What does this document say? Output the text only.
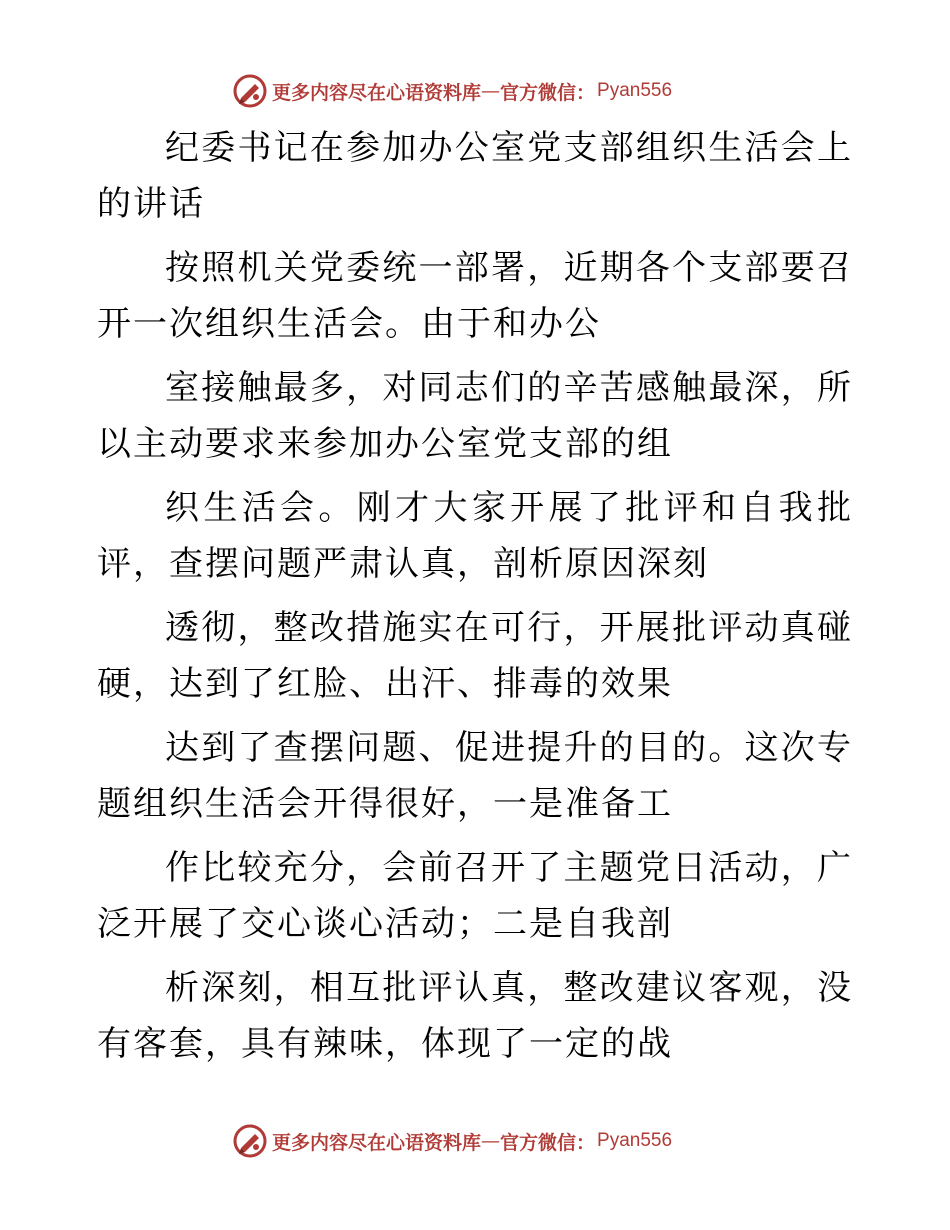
更多内容尽在心语资料库 — 官方微信： Pyan556

纪委书记在参加办公室党支部组织生活会上的讲话

按照机关党委统一部署，近期各个支部要召开一次组织生活会。由于和办公

室接触最多，对同志们的辛苦感触最深，所以主动要求来参加办公室党支部的组

织生活会。刚才大家开展了批评和自我批评，查摆问题严肃认真，剖析原因深刻

透彻，整改措施实在可行，开展批评动真碰硬，达到了红脸、出汗、排毒的效果

达到了查摆问题、促进提升的目的。这次专题组织生活会开得很好，一是准备工

作比较充分，会前召开了主题党日活动，广泛开展了交心谈心活动；二是自我剖

析深刻，相互批评认真，整改建议客观，没有客套，具有辣味，体现了一定的战

更多内容尽在心语资料库 — 官方微信： Pyan556
